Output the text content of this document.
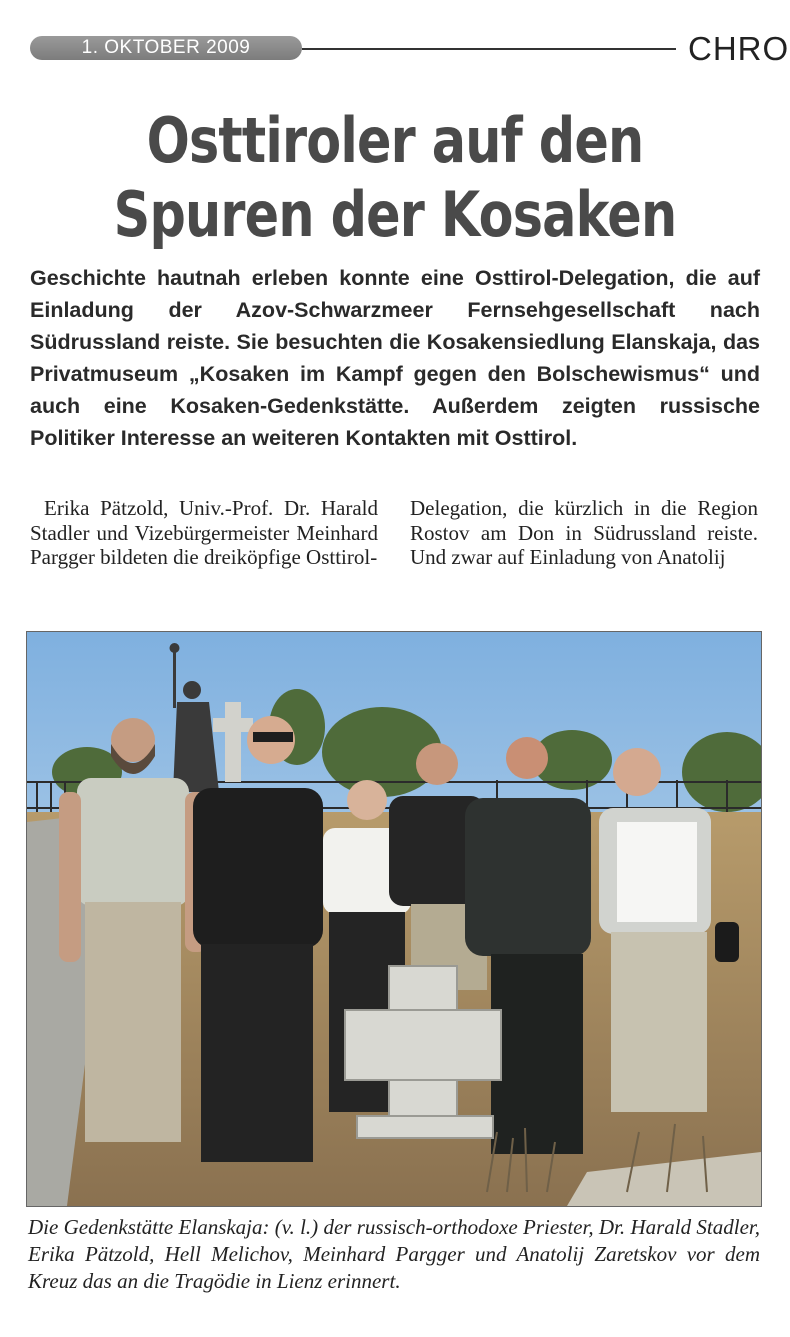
1. OKTOBER 2009	CHRO
Osttiroler auf den
Spuren der Kosaken

Geschichte hautnah erleben konnte eine Osttirol-Delegation, die auf Einladung der Azov-Schwarzmeer Fernsehgesellschaft nach Südrussland reiste. Sie besuchten die Kosakensiedlung Elanskaja, das Privatmuseum „Kosaken im Kampf gegen den Bolschewismus“ und auch eine Kosaken-Gedenkstätte. Außerdem zeigten russische Politiker Interesse an weiteren Kontakten mit Osttirol.

Erika Pätzold, Univ.-Prof. Dr. Harald Stadler und Vizebürgermeister Meinhard Pargger bildeten die dreiköpfige Osttirol-

Delegation, die kürzlich in die Region Rostov am Don in Südrussland reiste. Und zwar auf Einladung von Anatolij

Die Gedenkstätte Elanskaja: (v. l.) der russisch-orthodoxe Priester, Dr. Harald Stadler, Erika Pätzold, Hell Melichov, Meinhard Pargger und Anatolij Zaretskov vor dem Kreuz das an die Tragödie in Lienz erinnert.
